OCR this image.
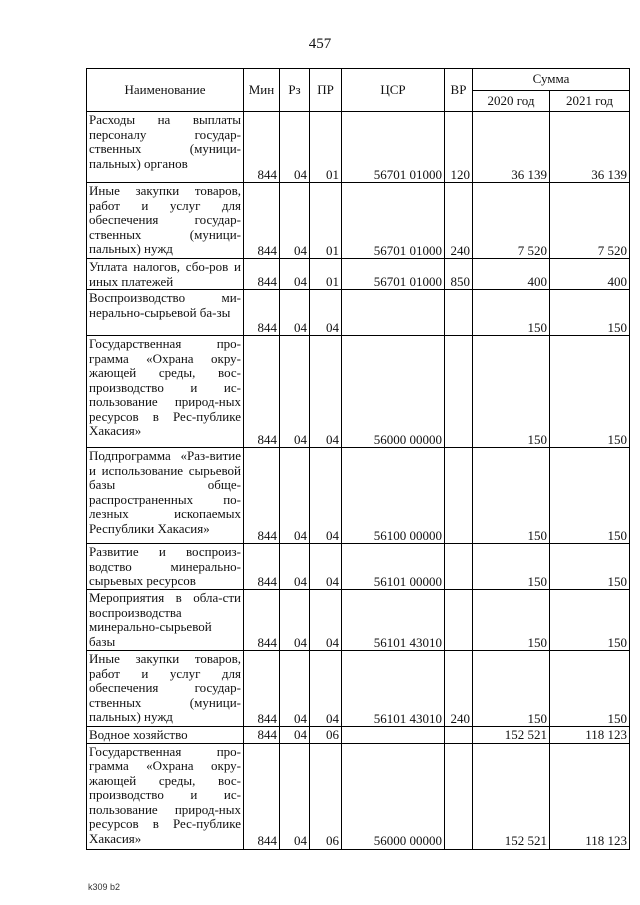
457
Наименование	Мин	Рз	ПР	ЦСР	ВР	Сумма	
						2020 год	2021 год
Расходы на выплаты персоналу государ-ственных (муници-пальных) органов	844	04	01	56701 01000	120	36 139	36 139
Иные закупки товаров, работ и услуг для обеспечения государ-ственных (муници-пальных) нужд	844	04	01	56701 01000	240	7 520	7 520
Уплата налогов, сбо-ров и иных платежей	844	04	01	56701 01000	850	400	400
Воспроизводство ми-нерально-сырьевой ба-зы	844	04	04			150	150
Государственная про-грамма «Охрана окру-жающей среды, вос-производство и ис-пользование природ-ных ресурсов в Рес-публике Хакасия»	844	04	04	56000 00000		150	150
Подпрограмма «Раз-витие и использование сырьевой базы обще-распространенных по-лезных ископаемых Республики Хакасия»	844	04	04	56100 00000		150	150
Развитие и воспроиз-водство минерально-сырьевых ресурсов	844	04	04	56101 00000		150	150
Мероприятия в обла-сти воспроизводства минерально-сырьевой базы	844	04	04	56101 43010		150	150
Иные закупки товаров, работ и услуг для обеспечения государ-ственных (муници-пальных) нужд	844	04	04	56101 43010	240	150	150
Водное хозяйство	844	04	06			152 521	118 123
Государственная про-грамма «Охрана окру-жающей среды, вос-производство и ис-пользование природ-ных ресурсов в Рес-публике Хакасия»	844	04	06	56000 00000		152 521	118 123
k309 b2
